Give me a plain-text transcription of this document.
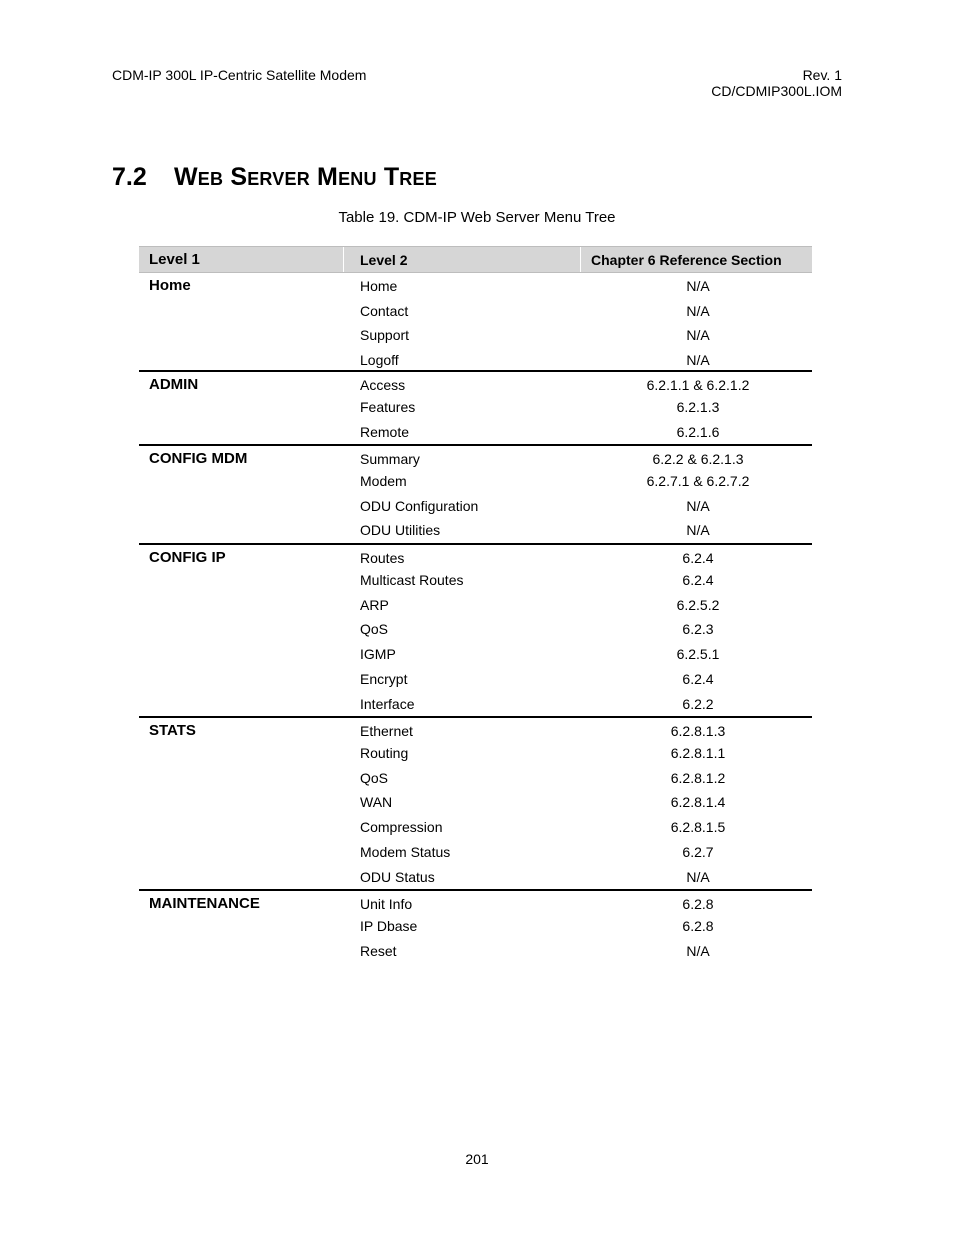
CDM-IP 300L IP-Centric Satellite Modem	Rev. 1
CD/CDMIP300L.IOM
7.2	Web Server Menu Tree
Table 19. CDM-IP Web Server Menu Tree
Level 1	Level 2	Chapter 6 Reference Section
Home	Home	N/A
Contact	N/A
Support	N/A
Logoff	N/A
ADMIN	Access	6.2.1.1 & 6.2.1.2
Features	6.2.1.3
Remote	6.2.1.6
CONFIG MDM	Summary	6.2.2 & 6.2.1.3
Modem	6.2.7.1 & 6.2.7.2
ODU Configuration	N/A
ODU Utilities	N/A
CONFIG IP	Routes	6.2.4
Multicast Routes	6.2.4
ARP	6.2.5.2
QoS	6.2.3
IGMP	6.2.5.1
Encrypt	6.2.4
Interface	6.2.2
STATS	Ethernet	6.2.8.1.3
Routing	6.2.8.1.1
QoS	6.2.8.1.2
WAN	6.2.8.1.4
Compression	6.2.8.1.5
Modem Status	6.2.7
ODU Status	N/A
MAINTENANCE	Unit Info	6.2.8
IP Dbase	6.2.8
Reset	N/A
201
